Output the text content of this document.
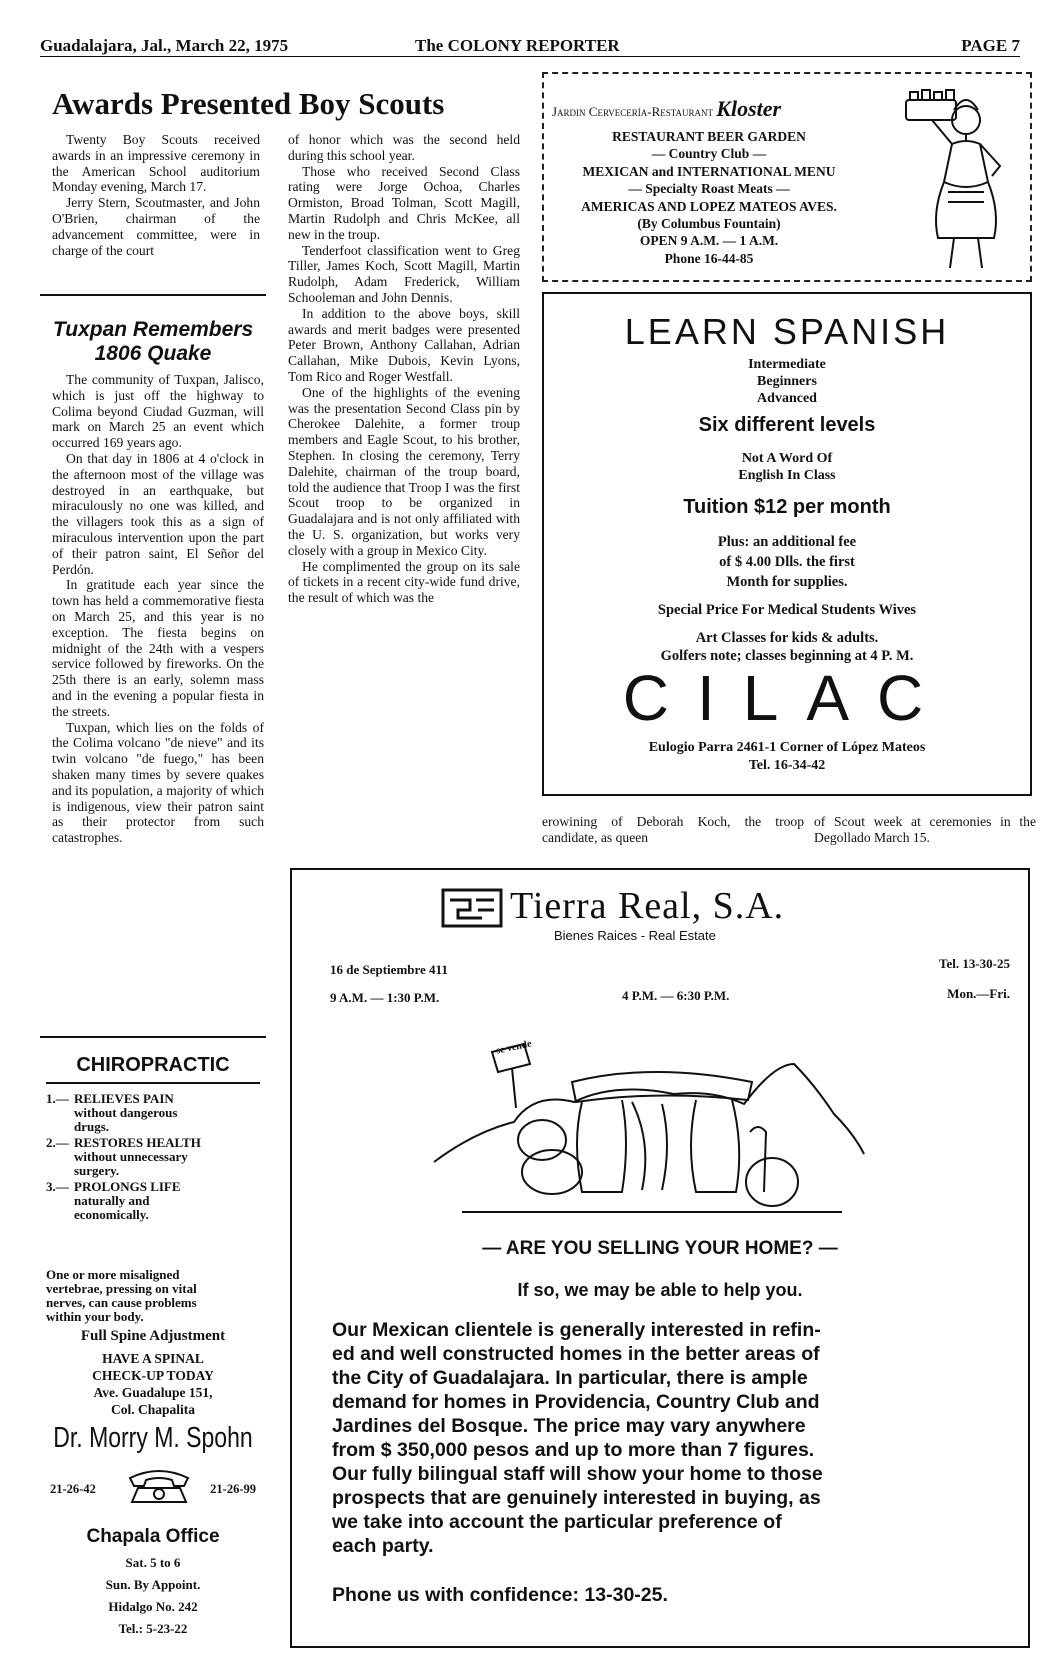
Guadalajara, Jal., March 22, 1975	The COLONY REPORTER	PAGE 7
Awards Presented Boy Scouts

Twenty Boy Scouts received awards in an impressive ceremony in the American School auditorium Monday evening, March 17.

Jerry Stern, Scoutmaster, and John O'Brien, chairman of the advancement committee, were in charge of the court

Tuxpan Remembers 1806 Quake

The community of Tuxpan, Jalisco, which is just off the highway to Colima beyond Ciudad Guzman, will mark on March 25 an event which occurred 169 years ago.

On that day in 1806 at 4 o'clock in the afternoon most of the village was destroyed in an earthquake, but miraculously no one was killed, and the villagers took this as a sign of miraculous intervention upon the part of their patron saint, El Señor del Perdón.

In gratitude each year since the town has held a commemorative fiesta on March 25, and this year is no exception. The fiesta begins on midnight of the 24th with a vespers service followed by fireworks. On the 25th there is an early, solemn mass and in the evening a popular fiesta in the streets.

Tuxpan, which lies on the folds of the Colima volcano "de nieve" and its twin volcano "de fuego," has been shaken many times by severe quakes and its population, a majority of which is indigenous, view their patron saint as their protector from such catastrophes.

of honor which was the second held during this school year.

Those who received Second Class rating were Jorge Ochoa, Charles Ormiston, Broad Tolman, Scott Magill, Martin Rudolph and Chris McKee, all new in the troup.

Tenderfoot classification went to Greg Tiller, James Koch, Scott Magill, Martin Rudolph, Adam Frederick, William Schooleman and John Dennis.

In addition to the above boys, skill awards and merit badges were presented Peter Brown, Anthony Callahan, Adrian Callahan, Mike Dubois, Kevin Lyons, Tom Rico and Roger Westfall.

One of the highlights of the evening was the presentation Second Class pin by Cherokee Dalehite, a former troup members and Eagle Scout, to his brother, Stephen. In closing the ceremony, Terry Dalehite, chairman of the troup board, told the audience that Troop I was the first Scout troop to be organized in Guadalajara and is not only affiliated with the U. S. organization, but works very closely with a group in Mexico City.

He complimented the group on its sale of tickets in a recent city-wide fund drive, the result of which was the

erowining of Deborah Koch, the troop candidate, as queen

of Scout week at ceremonies in the Degollado March 15.

Jardin Cervecería-Restaurant Kloster
RESTAURANT BEER GARDEN
— Country Club —
MEXICAN and INTERNATIONAL MENU
— Specialty Roast Meats —
AMERICAS AND LOPEZ MATEOS AVES.
(By Columbus Fountain)
OPEN 9 A.M. — 1 A.M.
Phone 16-44-85
LEARN SPANISH
Intermediate
Beginners
Advanced
Six different levels
Not A Word Of
English In Class
Tuition $12 per month
Plus: an additional fee
of $ 4.00 Dlls. the first
Month for supplies.
Special Price For Medical Students Wives
Art Classes for kids & adults.
Golfers note; classes beginning at 4 P. M.
CILAC
Eulogio Parra 2461-1 Corner of López Mateos
Tel. 16-34-42
CHIROPRACTIC
1.— RELIEVES PAIN
without dangerous
drugs.
2.— RESTORES HEALTH
without unnecessary
surgery.
3.— PROLONGS LIFE
naturally and
economically.
One or more misaligned
vertebrae, pressing on vital
nerves, can cause problems
within your body.
Full Spine Adjustment
HAVE A SPINAL
CHECK-UP TODAY
Ave. Guadalupe 151,
Col. Chapalita
Dr. Morry M. Spohn
21-26-42	21-26-99
Chapala Office
Sat. 5 to 6
Sun. By Appoint.
Hidalgo No. 242
Tel.: 5-23-22
Tierra Real, S.A.
Bienes Raices - Real Estate
16 de Septiembre 411	Tel. 13-30-25
9 A.M. — 1:30 P.M.	4 P.M. — 6:30 P.M.	Mon.—Fri.
se vende
— ARE YOU SELLING YOUR HOME? —
If so, we may be able to help you.
Our Mexican clientele is generally interested in refin-
ed and well constructed homes in the better areas of
the City of Guadalajara. In particular, there is ample
demand for homes in Providencia, Country Club and
Jardines del Bosque. The price may vary anywhere
from $ 350,000 pesos and up to more than 7 figures.
Our fully bilingual staff will show your home to those
prospects that are genuinely interested in buying, as
we take into account the particular preference of
each party.
Phone us with confidence: 13-30-25.
